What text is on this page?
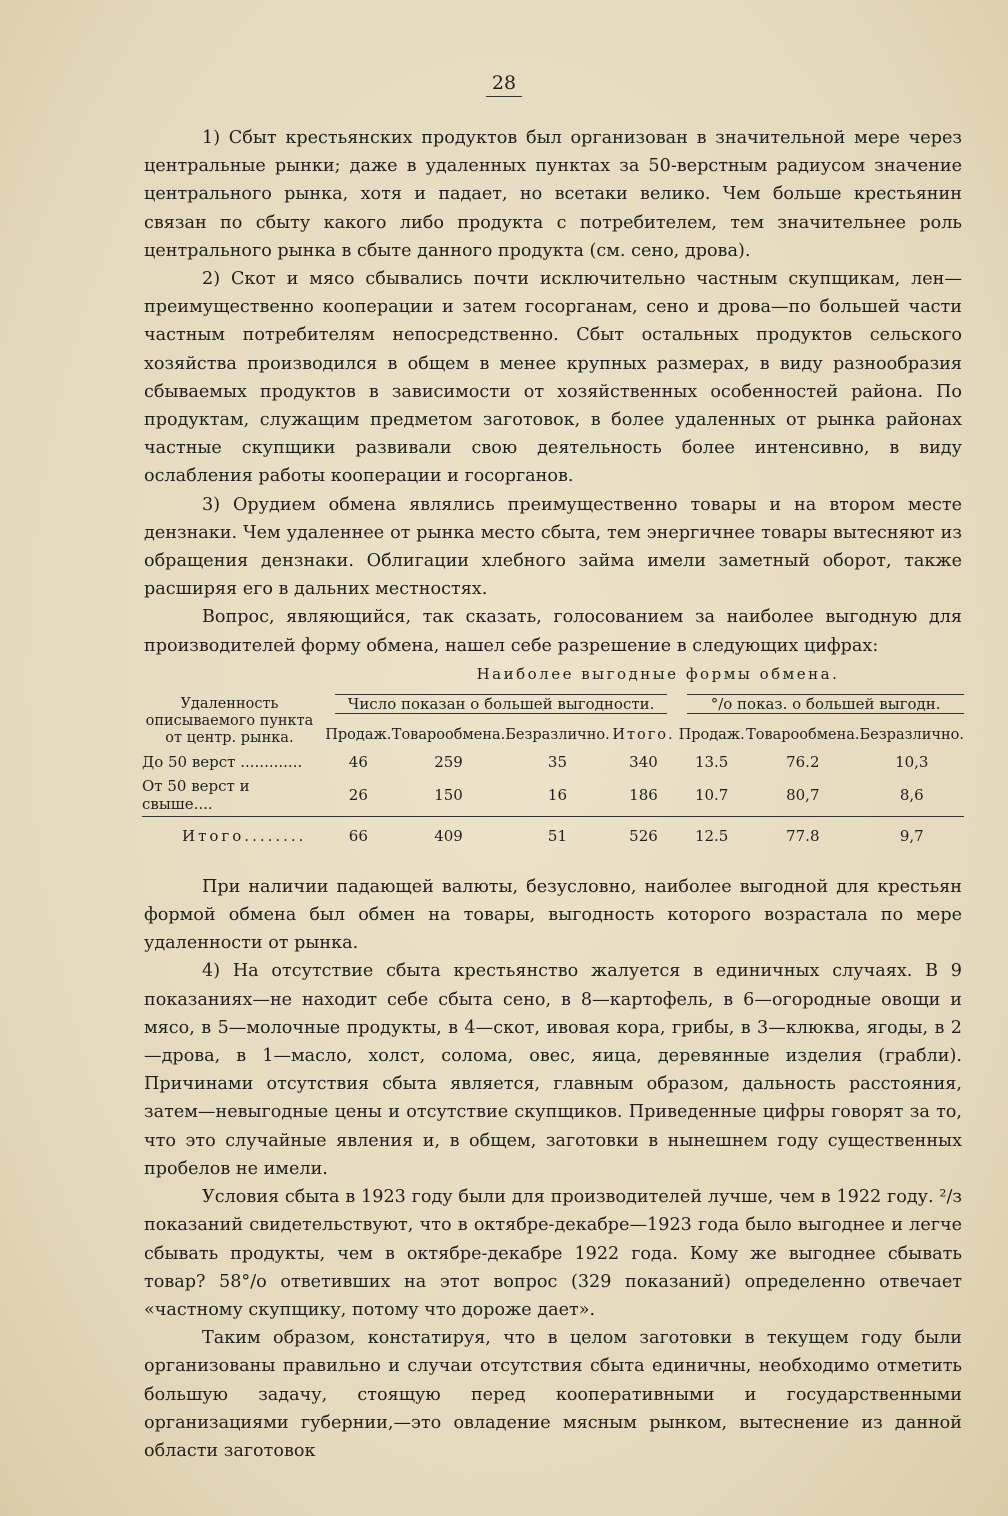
28

1) Сбыт крестьянских продуктов был организован в значительной мере через центральные рынки; даже в удаленных пунктах за 50-верстным радиусом значение центрального рынка, хотя и падает, но всетаки велико. Чем больше крестьянин связан по сбыту какого либо продукта с потребителем, тем значительнее роль центрального рынка в сбыте данного продукта (см. сено, дрова).

2) Скот и мясо сбывались почти исключительно частным скупщикам, лен—преимущественно кооперации и затем госорганам, сено и дрова—по большей части частным потребителям непосредственно. Сбыт остальных продуктов сельского хозяйства производился в общем в менее крупных размерах, в виду разнообразия сбываемых продуктов в зависимости от хозяйственных особенностей района. По продуктам, служащим предметом заготовок, в более удаленных от рынка районах частные скупщики развивали свою деятельность более интенсивно, в виду ослабления работы кооперации и госорганов.

3) Орудием обмена являлись преимущественно товары и на втором месте дензнаки. Чем удаленнее от рынка место сбыта, тем энергичнее товары вытесняют из обращения дензнаки. Облигации хлебного займа имели заметный оборот, также расширяя его в дальних местностях.

Вопрос, являющийся, так сказать, голосованием за наиболее выгодную для производителей форму обмена, нашел себе разрешение в следующих цифрах:

Наиболее выгодные формы обмена.
Удаленность описываемого пункта от центр. рынка.	Число показан о большей выгодности.				°/о показ. о большей выгодн.		

	Продаж.	Товарообмена.	Безразлично.	Итого.	Продаж.	Товарообмена.	Безразлично.
До 50 верст .............	46	259	35	340	13.5	76.2	10,3
От 50 верст и свыше....	26	150	16	186	10.7	80,7	8,6
Итого........	66	409	51	526	12.5	77.8	9,7

При наличии падающей валюты, безусловно, наиболее выгодной для крестьян формой обмена был обмен на товары, выгодность которого возрастала по мере удаленности от рынка.

4) На отсутствие сбыта крестьянство жалуется в единичных случаях. В 9 показаниях—не находит себе сбыта сено, в 8—картофель, в 6—огородные овощи и мясо, в 5—молочные продукты, в 4—скот, ивовая кора, грибы, в 3—клюква, ягоды, в 2—дрова, в 1—масло, холст, солома, овес, яица, деревянные изделия (грабли). Причинами отсутствия сбыта является, главным образом, дальность расстояния, затем—невыгодные цены и отсутствие скупщиков. Приведенные цифры говорят за то, что это случайные явления и, в общем, заготовки в нынешнем году существенных пробелов не имели.

Условия сбыта в 1923 году были для производителей лучше, чем в 1922 году. ²/з показаний свидетельствуют, что в октябре-декабре—1923 года было выгоднее и легче сбывать продукты, чем в октябре-декабре 1922 года. Кому же выгоднее сбывать товар? 58°/о ответивших на этот вопрос (329 показаний) определенно отвечает «частному скупщику, потому что дороже дает».

Таким образом, констатируя, что в целом заготовки в текущем году были организованы правильно и случаи отсутствия сбыта единичны, необходимо отметить большую задачу, стоящую перед кооперативными и государственными организациями губернии,—это овладение мясным рынком, вытеснение из данной области заготовок
